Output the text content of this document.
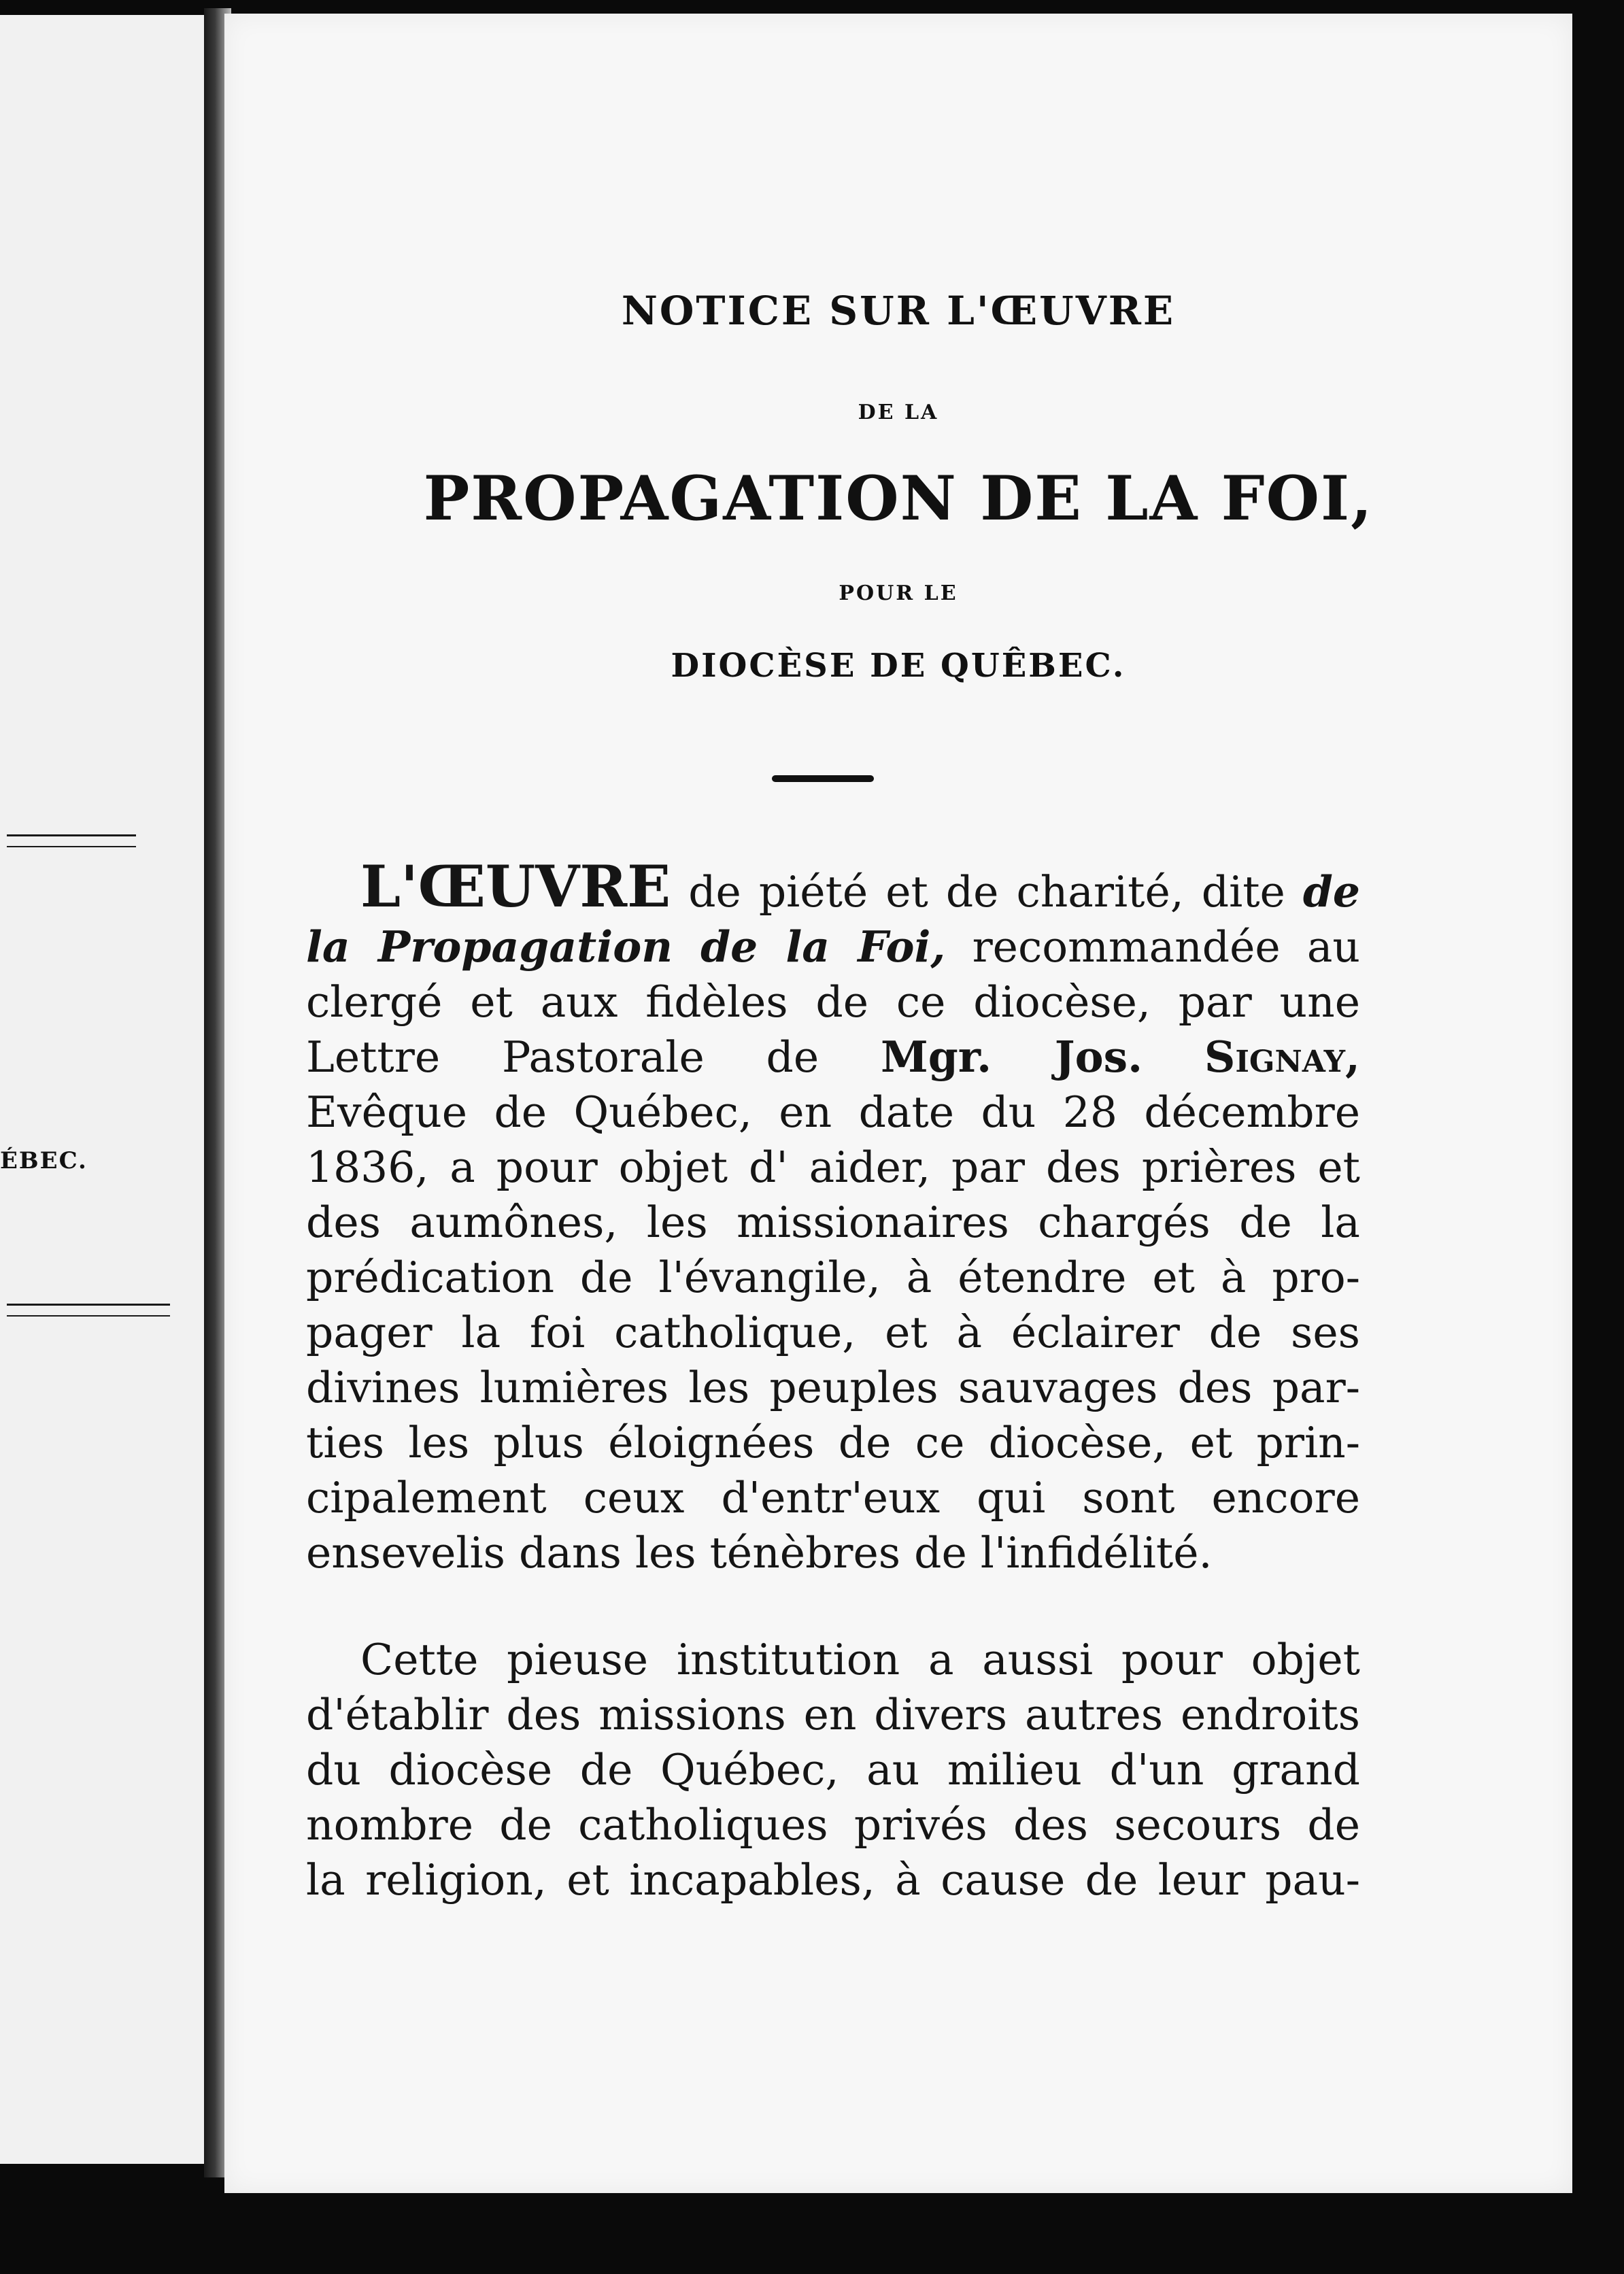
ÉBEC.
NOTICE SUR L'ŒUVRE
DE LA
PROPAGATION DE LA FOI,
POUR LE
DIOCÈSE DE QUÊBEC.
L'ŒUVRE de piété et de charité, dite de
la Propagation de la Foi, recommandée au
clergé et aux fidèles de ce diocèse, par une
Lettre Pastorale de Mgr. Jos. Signay,
Evêque de Québec, en date du 28 décembre
1836, a pour objet d' aider, par des prières et
des aumônes, les missionaires chargés de la
prédication de l'évangile, à étendre et à pro-
pager la foi catholique, et à éclairer de ses
divines lumières les peuples sauvages des par-
ties les plus éloignées de ce diocèse, et prin-
cipalement ceux d'entr'eux qui sont encore
ensevelis dans les ténèbres de l'infidélité.
Cette pieuse institution a aussi pour objet
d'établir des missions en divers autres endroits
du diocèse de Québec, au milieu d'un grand
nombre de catholiques privés des secours de
la religion, et incapables, à cause de leur pau-
